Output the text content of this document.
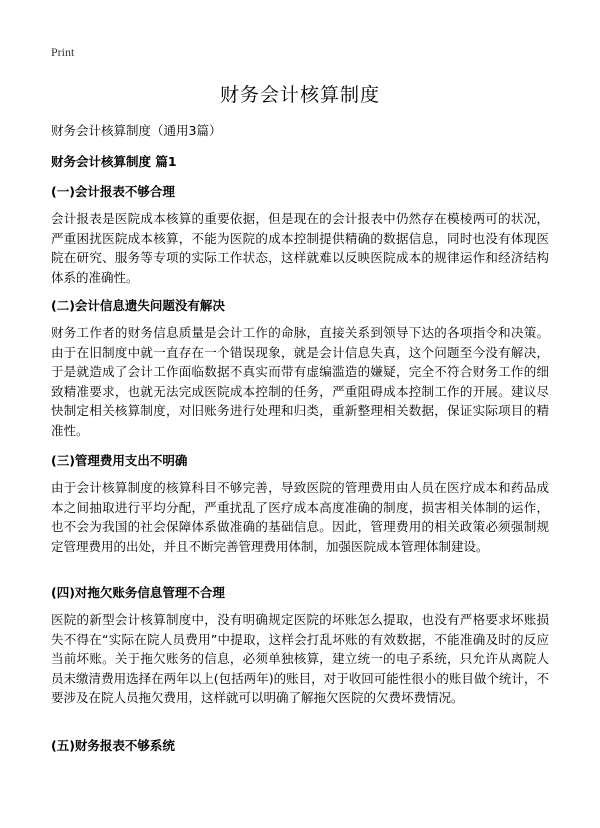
Print
财务会计核算制度
财务会计核算制度（通用3篇）
财务会计核算制度 篇1
(一)会计报表不够合理

会计报表是医院成本核算的重要依据，但是现在的会计报表中仍然存在模棱两可的状况，严重困扰医院成本核算，不能为医院的成本控制提供精确的数据信息，同时也没有体现医院在研究、服务等专项的实际工作状态，这样就难以反映医院成本的规律运作和经济结构体系的准确性。

(二)会计信息遗失问题没有解决

财务工作者的财务信息质量是会计工作的命脉，直接关系到领导下达的各项指令和决策。由于在旧制度中就一直存在一个错误现象，就是会计信息失真，这个问题至今没有解决，于是就造成了会计工作面临数据不真实而带有虚编滥造的嫌疑，完全不符合财务工作的细致精准要求，也就无法完成医院成本控制的任务，严重阻碍成本控制工作的开展。建议尽快制定相关核算制度，对旧账务进行处理和归类，重新整理相关数据，保证实际项目的精准性。

(三)管理费用支出不明确

由于会计核算制度的核算科目不够完善，导致医院的管理费用由人员在医疗成本和药品成本之间抽取进行平均分配，严重扰乱了医疗成本高度准确的制度，损害相关体制的运作，也不会为我国的社会保障体系做准确的基础信息。因此，管理费用的相关政策必须强制规定管理费用的出处，并且不断完善管理费用体制，加强医院成本管理体制建设。

(四)对拖欠账务信息管理不合理

医院的新型会计核算制度中，没有明确规定医院的坏账怎么提取，也没有严格要求坏账损失不得在“实际在院人员费用”中提取，这样会打乱坏账的有效数据，不能准确及时的反应当前坏账。关于拖欠账务的信息，必须单独核算，建立统一的电子系统，只允许从离院人员未缴清费用选择在两年以上(包括两年)的账目，对于收回可能性很小的账目做个统计，不要涉及在院人员拖欠费用，这样就可以明确了解拖欠医院的欠费坏费情况。

(五)财务报表不够系统
